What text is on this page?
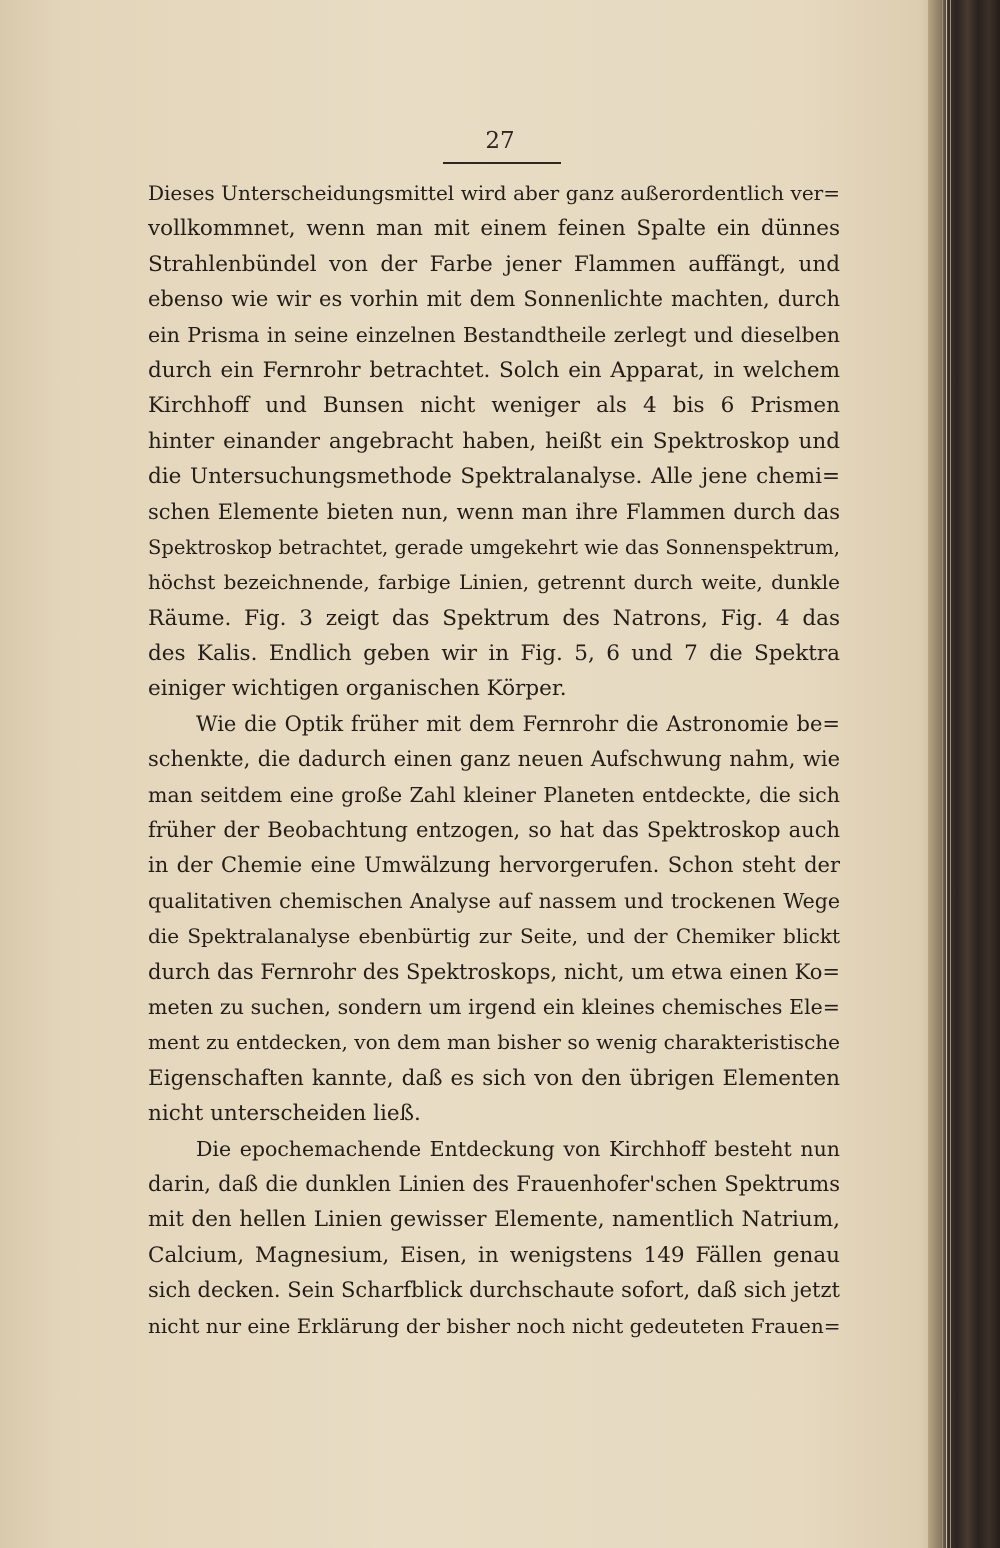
27
Dieses Unterscheidungsmittel wird aber ganz außerordentlich ver=
vollkommnet, wenn man mit einem feinen Spalte ein dünnes
Strahlenbündel von der Farbe jener Flammen auffängt, und
ebenso wie wir es vorhin mit dem Sonnenlichte machten, durch
ein Prisma in seine einzelnen Bestandtheile zerlegt und dieselben
durch ein Fernrohr betrachtet. Solch ein Apparat, in welchem
Kirchhoff und Bunsen nicht weniger als 4 bis 6 Prismen
hinter einander angebracht haben, heißt ein Spektroskop und
die Untersuchungsmethode Spektralanalyse. Alle jene chemi=
schen Elemente bieten nun, wenn man ihre Flammen durch das
Spektroskop betrachtet, gerade umgekehrt wie das Sonnenspektrum,
höchst bezeichnende, farbige Linien, getrennt durch weite, dunkle
Räume. Fig. 3 zeigt das Spektrum des Natrons, Fig. 4 das
des Kalis. Endlich geben wir in Fig. 5, 6 und 7 die Spektra
einiger wichtigen organischen Körper.
Wie die Optik früher mit dem Fernrohr die Astronomie be=
schenkte, die dadurch einen ganz neuen Aufschwung nahm, wie
man seitdem eine große Zahl kleiner Planeten entdeckte, die sich
früher der Beobachtung entzogen, so hat das Spektroskop auch
in der Chemie eine Umwälzung hervorgerufen. Schon steht der
qualitativen chemischen Analyse auf nassem und trockenen Wege
die Spektralanalyse ebenbürtig zur Seite, und der Chemiker blickt
durch das Fernrohr des Spektroskops, nicht, um etwa einen Ko=
meten zu suchen, sondern um irgend ein kleines chemisches Ele=
ment zu entdecken, von dem man bisher so wenig charakteristische
Eigenschaften kannte, daß es sich von den übrigen Elementen
nicht unterscheiden ließ.
Die epochemachende Entdeckung von Kirchhoff besteht nun
darin, daß die dunklen Linien des Frauenhofer'schen Spektrums
mit den hellen Linien gewisser Elemente, namentlich Natrium,
Calcium, Magnesium, Eisen, in wenigstens 149 Fällen genau
sich decken. Sein Scharfblick durchschaute sofort, daß sich jetzt
nicht nur eine Erklärung der bisher noch nicht gedeuteten Frauen=
